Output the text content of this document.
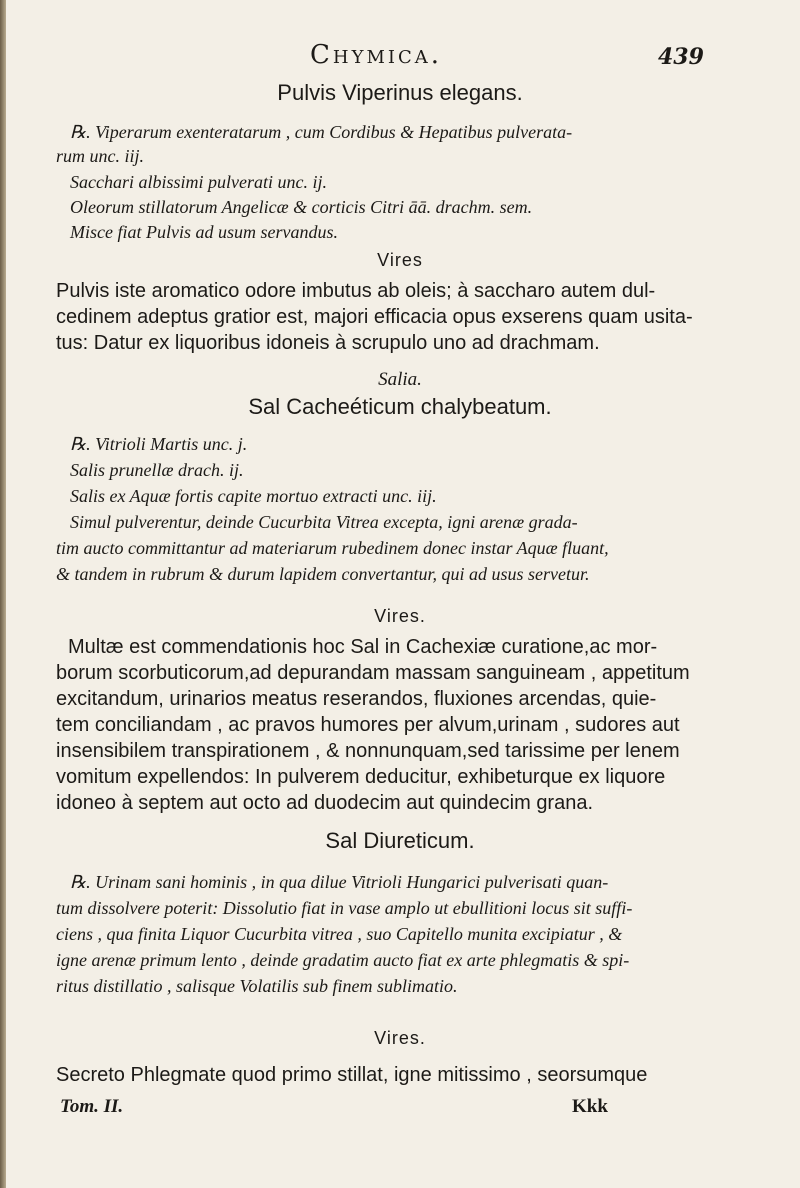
Chymica.	439
Pulvis Viperinus elegans.
℞. Viperarum exenteratarum , cum Cordibus & Hepatibus pulverata-
rum unc. iij.
Sacchari albissimi pulverati unc. ij.
Oleorum stillatorum Angelicæ & corticis Citri āā. drachm. sem.
Misce fiat Pulvis ad usum servandus.
Vires
Pulvis iste aromatico odore imbutus ab oleis; à saccharo autem dul-
cedinem adeptus gratior est, majori efficacia opus exserens quam usita-
tus: Datur ex liquoribus idoneis à scrupulo uno ad drachmam.
Salia.
Sal Cacheéticum chalybeatum.
℞. Vitrioli Martis unc. j.
Salis prunellæ drach. ij.
Salis ex Aquæ fortis capite mortuo extracti unc. iij.
Simul pulverentur, deinde Cucurbita Vitrea excepta, igni arenæ grada-
tim aucto committantur ad materiarum rubedinem donec instar Aquæ fluant,
& tandem in rubrum & durum lapidem convertantur, qui ad usus servetur.
Vires.
Multæ est commendationis hoc Sal in Cachexiæ curatione,ac mor-
borum scorbuticorum,ad depurandam massam sanguineam , appetitum
excitandum, urinarios meatus reserandos, fluxiones arcendas, quie-
tem conciliandam , ac pravos humores per alvum,urinam , sudores aut
insensibilem transpirationem , & nonnunquam,sed tarissime per lenem
vomitum expellendos: In pulverem deducitur, exhibeturque ex liquore
idoneo à septem aut octo ad duodecim aut quindecim grana.
Sal Diureticum.
℞. Urinam sani hominis , in qua dilue Vitrioli Hungarici pulverisati quan-
tum dissolvere poterit: Dissolutio fiat in vase amplo ut ebullitioni locus sit suffi-
ciens , qua finita Liquor Cucurbita vitrea , suo Capitello munita excipiatur , &
igne arenæ primum lento , deinde gradatim aucto fiat ex arte phlegmatis & spi-
ritus distillatio , salisque Volatilis sub finem sublimatio.
Vires.
Secreto Phlegmate quod primo stillat, igne mitissimo , seorsumque
Tom. II.	Kkk
